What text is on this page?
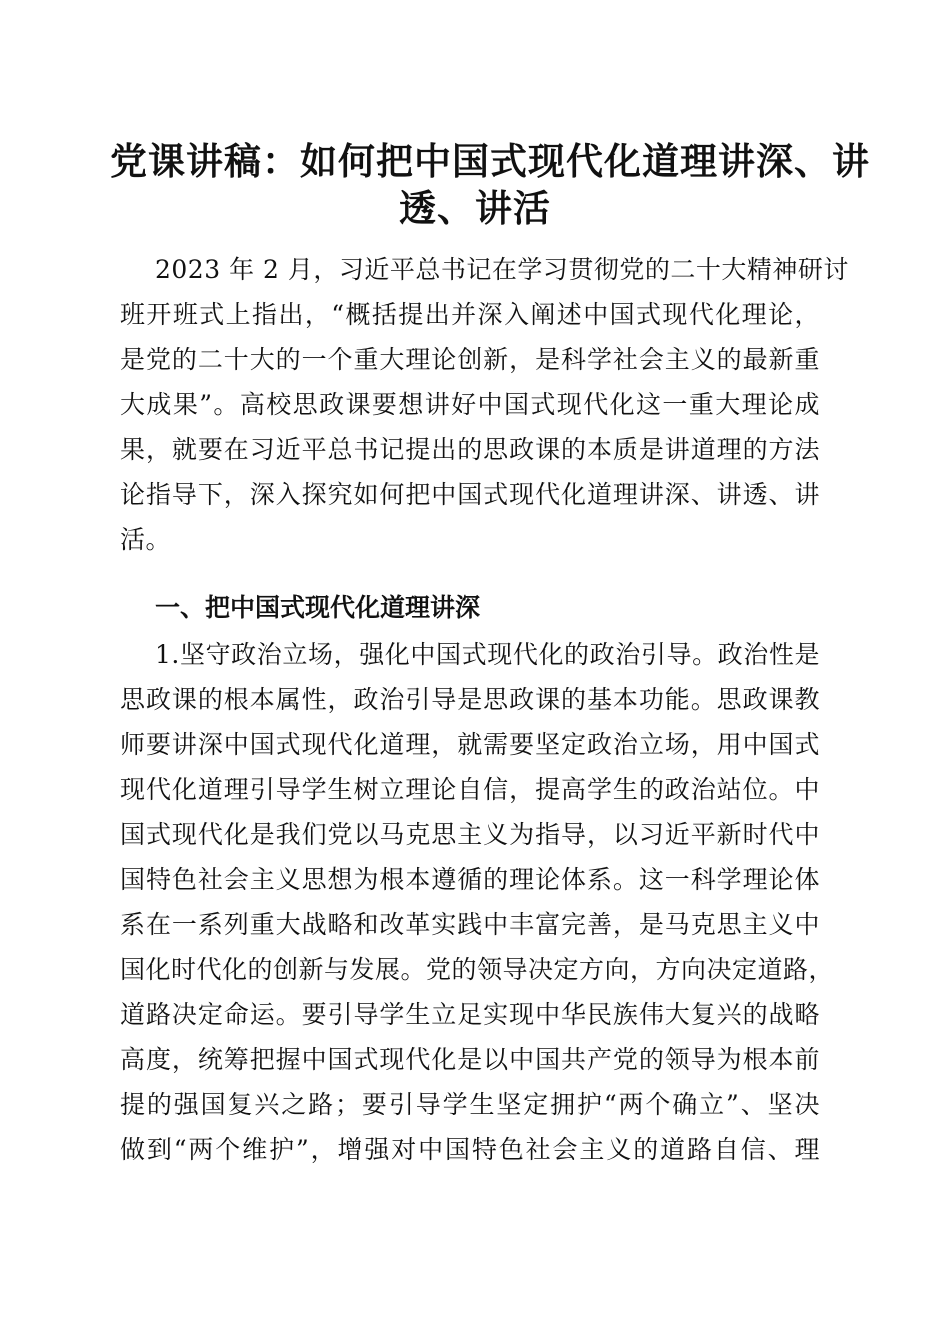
党课讲稿：如何把中国式现代化道理讲深、讲
透、讲活

2023 年 2 月，习近平总书记在学习贯彻党的二十大精神研讨

班开班式上指出，“概括提出并深入阐述中国式现代化理论，

是党的二十大的一个重大理论创新，是科学社会主义的最新重

大成果”。高校思政课要想讲好中国式现代化这一重大理论成

果，就要在习近平总书记提出的思政课的本质是讲道理的方法

论指导下，深入探究如何把中国式现代化道理讲深、讲透、讲

活。

一、把中国式现代化道理讲深

1.坚守政治立场，强化中国式现代化的政治引导。政治性是

思政课的根本属性，政治引导是思政课的基本功能。思政课教

师要讲深中国式现代化道理，就需要坚定政治立场，用中国式

现代化道理引导学生树立理论自信，提高学生的政治站位。中

国式现代化是我们党以马克思主义为指导，以习近平新时代中

国特色社会主义思想为根本遵循的理论体系。这一科学理论体

系在一系列重大战略和改革实践中丰富完善，是马克思主义中

国化时代化的创新与发展。党的领导决定方向，方向决定道路，

道路决定命运。要引导学生立足实现中华民族伟大复兴的战略

高度，统筹把握中国式现代化是以中国共产党的领导为根本前

提的强国复兴之路；要引导学生坚定拥护“两个确立”、坚决

做到“两个维护”，增强对中国特色社会主义的道路自信、理
